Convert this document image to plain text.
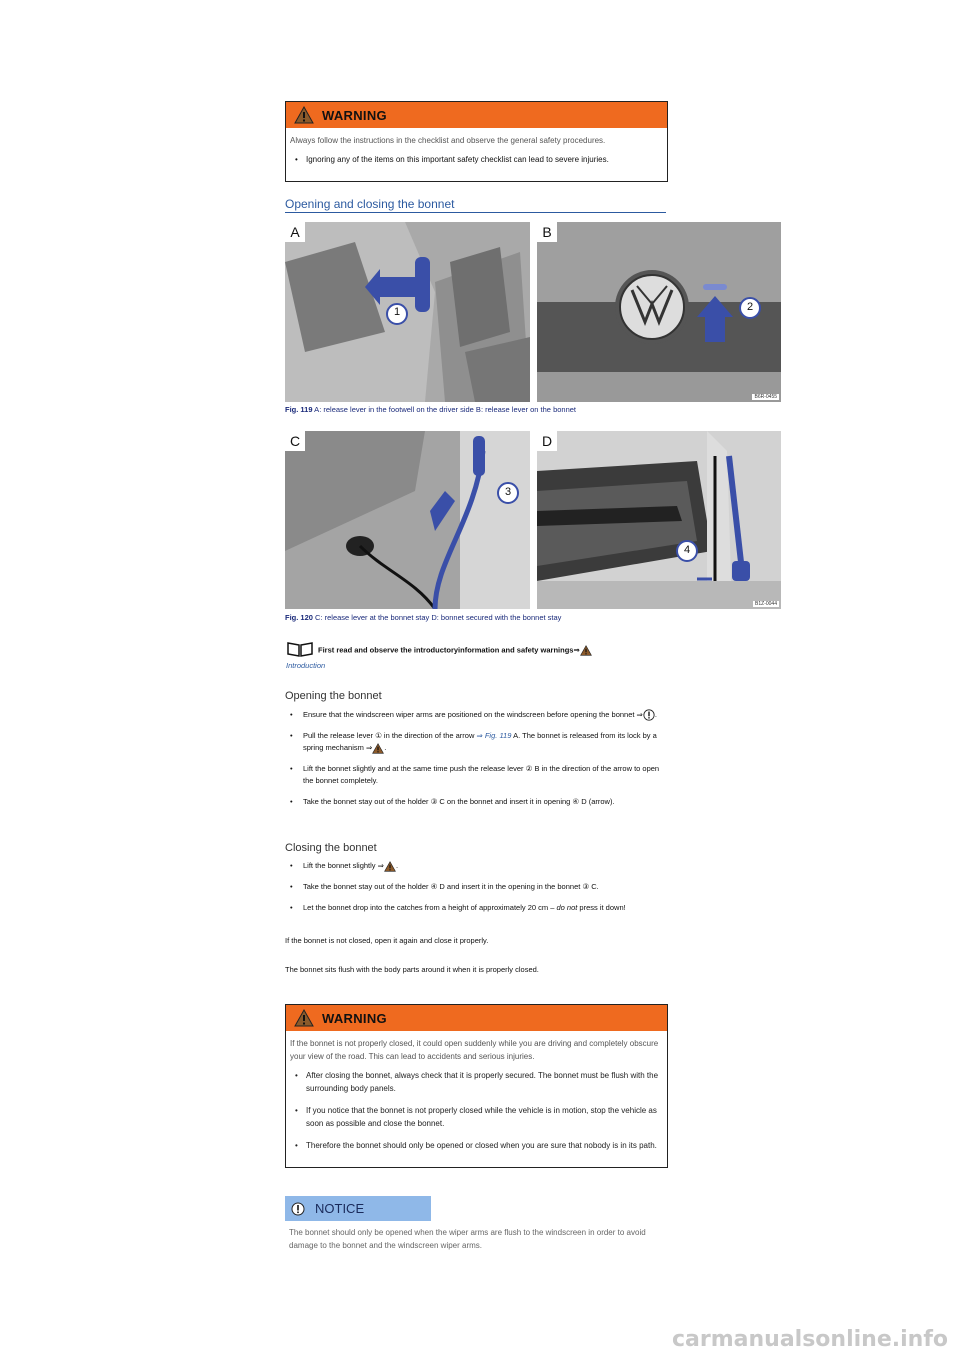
WARNING

Always follow the instructions in the checklist and observe the general safety procedures.

• Ignoring any of the items on this important safety checklist can lead to severe injuries.
Opening and closing the bonnet
A
1
B
2
B6R-0455
Fig. 119 A: release lever in the footwell on the driver side B: release lever on the bonnet
C
3
D
4
B1Z-0044
Fig. 120 C: release lever at the bonnet stay D: bonnet secured with the bonnet stay
First read and observe the introductoryinformation and safety warnings⇒
Introduction
Opening the bonnet
• Ensure that the windscreen wiper arms are positioned on the windscreen before opening the bonnet ⇒ .
• Pull the release lever ① in the direction of the arrow ⇒ Fig. 119 A. The bonnet is released from its lock by a spring mechanism ⇒ .
• Lift the bonnet slightly and at the same time push the release lever ② B in the direction of the arrow to open the bonnet completely.
• Take the bonnet stay out of the holder ③ C on the bonnet and insert it in opening ④ D (arrow).
Closing the bonnet
• Lift the bonnet slightly ⇒ .
• Take the bonnet stay out of the holder ④ D and insert it in the opening in the bonnet ③ C.
• Let the bonnet drop into the catches from a height of approximately 20 cm – do not press it down!
If the bonnet is not closed, open it again and close it properly.
The bonnet sits flush with the body parts around it when it is properly closed.
WARNING

If the bonnet is not properly closed, it could open suddenly while you are driving and completely obscure your view of the road. This can lead to accidents and serious injuries.

• After closing the bonnet, always check that it is properly secured. The bonnet must be flush with the surrounding body panels.
• If you notice that the bonnet is not properly closed while the vehicle is in motion, stop the vehicle as soon as possible and close the bonnet.
• Therefore the bonnet should only be opened or closed when you are sure that nobody is in its path.
NOTICE
The bonnet should only be opened when the wiper arms are flush to the windscreen in order to avoid damage to the bonnet and the windscreen wiper arms.
carmanualsonline.info
